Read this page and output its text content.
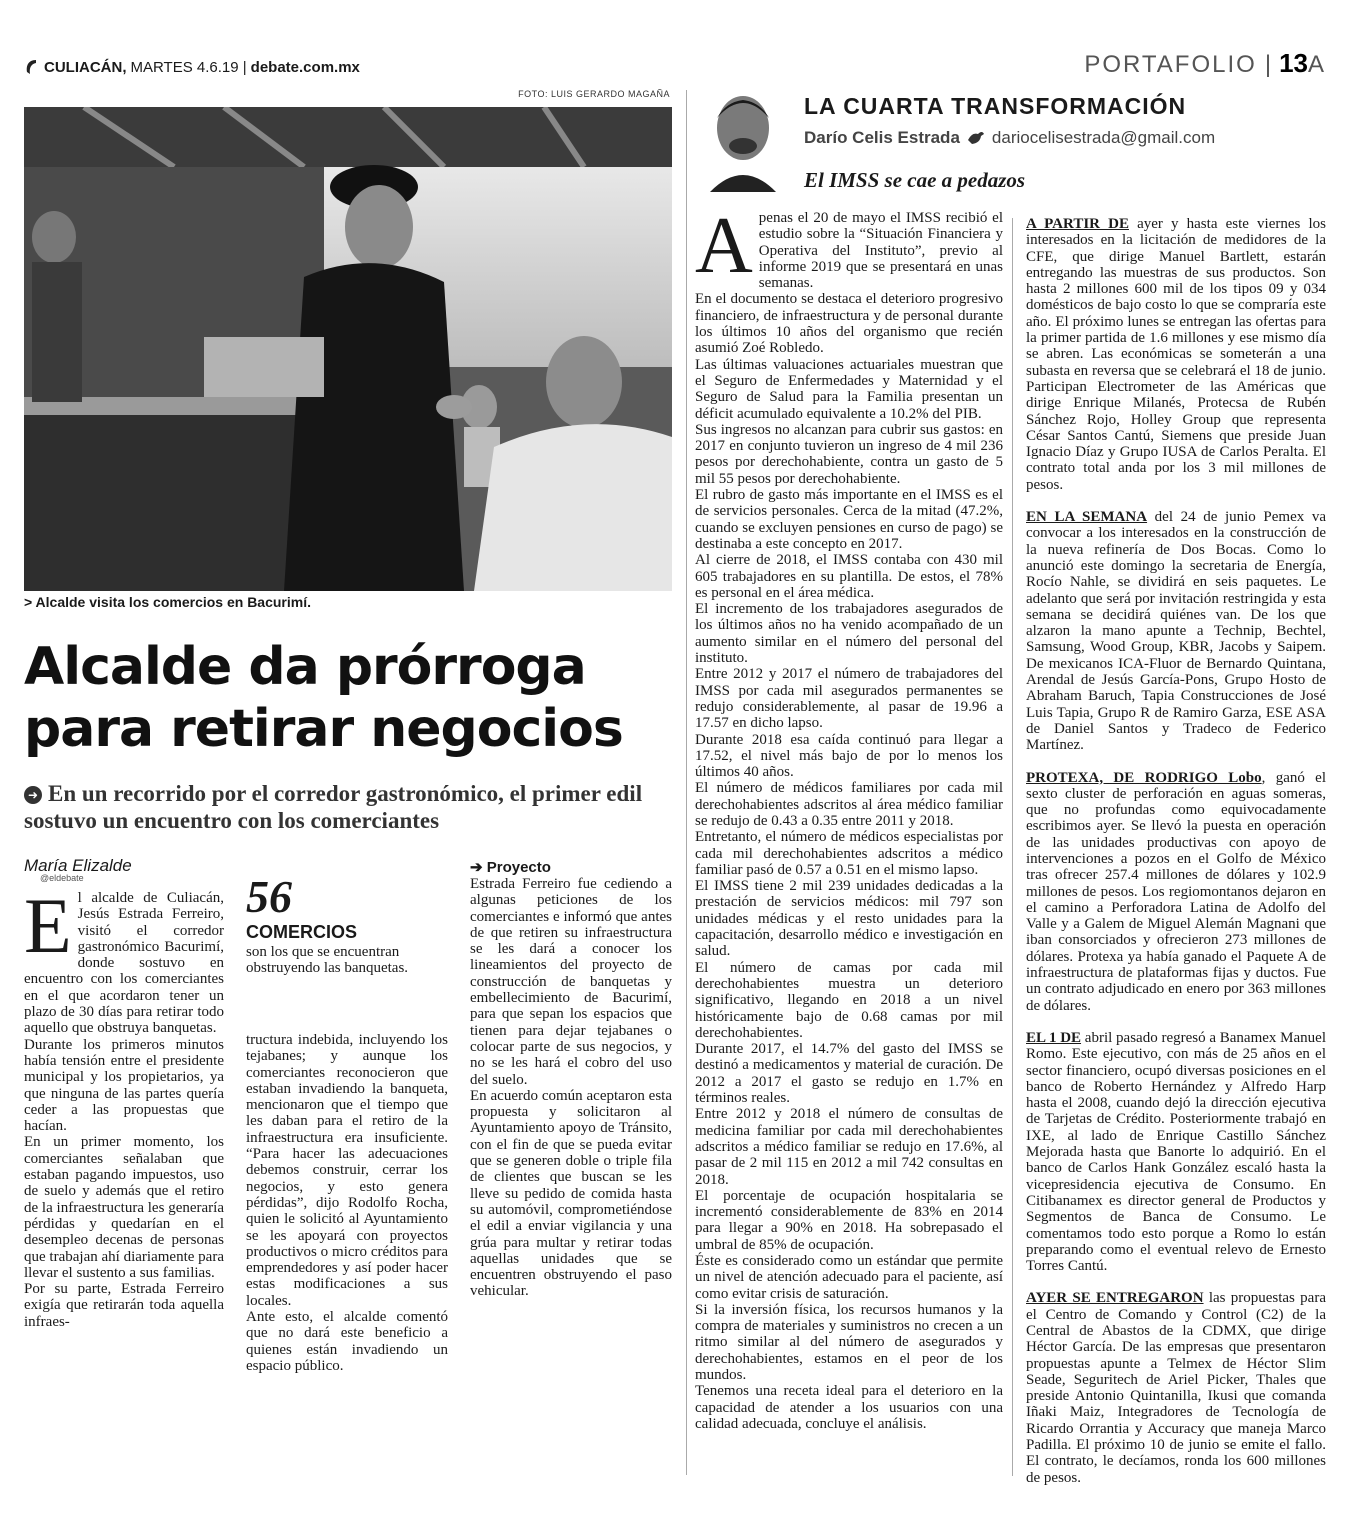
CULIACÁN, MARTES 4.6.19 | debate.com.mx	PORTAFOLIO | 13A
FOTO: LUIS GERARDO MAGAÑA
> Alcalde visita los comercios en Bacurimí.
Alcalde da prórroga
para retirar negocios
➜ En un recorrido por el corredor gastronómico, el primer edil sostuvo un encuentro con los comerciantes
María Elizalde
@eldebate

El alcalde de Culiacán, Jesús Estrada Ferreiro, visitó el corredor gastronómico Bacurimí, donde sostuvo en encuentro con los comerciantes en el que acordaron tener un plazo de 30 días para retirar todo aquello que obstruya banquetas.

Durante los primeros minutos había tensión entre el presidente municipal y los propietarios, ya que ninguna de las partes quería ceder a las propuestas que hacían.

En un primer momento, los comerciantes señalaban que estaban pagando impuestos, uso de suelo y además que el retiro de la infraestructura les generaría pérdidas y quedarían en el desempleo decenas de personas que trabajan ahí diariamente para llevar el sustento a sus familias.

Por su parte, Estrada Ferreiro exigía que retirarán toda aquella infraes-

56
COMERCIOS
son los que se encuentran obstruyendo las banquetas.

tructura indebida, incluyendo los tejabanes; y aunque los comerciantes reconocieron que estaban invadiendo la banqueta, mencionaron que el tiempo que les daban para el retiro de la infraestructura era insuficiente. “Para hacer las adecuaciones debemos construir, cerrar los negocios, y esto genera pérdidas”, dijo Rodolfo Rocha, quien le solicitó al Ayuntamiento se les apoyará con proyectos productivos o micro créditos para emprendedores y así poder hacer estas modificaciones a sus locales.

Ante esto, el alcalde comentó que no dará este beneficio a quienes están invadiendo un espacio público.

➔ Proyecto

Estrada Ferreiro fue cediendo a algunas peticiones de los comerciantes e informó que antes de que retiren su infraestructura se les dará a conocer los lineamientos del proyecto de construcción de banquetas y embellecimiento de Bacurimí, para que sepan los espacios que tienen para dejar tejabanes o colocar parte de sus negocios, y no se les hará el cobro del uso del suelo.

En acuerdo común aceptaron esta propuesta y solicitaron al Ayuntamiento apoyo de Tránsito, con el fin de que se pueda evitar que se generen doble o triple fila de clientes que buscan se les lleve su pedido de comida hasta su automóvil, comprometiéndose el edil a enviar vigilancia y una grúa para multar y retirar todas aquellas unidades que se encuentren obstruyendo el paso vehicular.

LA CUARTA TRANSFORMACIÓN
Darío Celis Estrada dariocelisestrada@gmail.com
El IMSS se cae a pedazos

Apenas el 20 de mayo el IMSS recibió el estudio sobre la “Situación Financiera y Operativa del Instituto”, previo al informe 2019 que se presentará en unas semanas.

En el documento se destaca el deterioro progresivo financiero, de infraestructura y de personal durante los últimos 10 años del organismo que recién asumió Zoé Robledo.

Las últimas valuaciones actuariales muestran que el Seguro de Enfermedades y Maternidad y el Seguro de Salud para la Familia presentan un déficit acumulado equivalente a 10.2% del PIB.

Sus ingresos no alcanzan para cubrir sus gastos: en 2017 en conjunto tuvieron un ingreso de 4 mil 236 pesos por derechohabiente, contra un gasto de 5 mil 55 pesos por derechohabiente.

El rubro de gasto más importante en el IMSS es el de servicios personales. Cerca de la mitad (47.2%, cuando se excluyen pensiones en curso de pago) se destinaba a este concepto en 2017.

Al cierre de 2018, el IMSS contaba con 430 mil 605 trabajadores en su plantilla. De estos, el 78% es personal en el área médica.

El incremento de los trabajadores asegurados de los últimos años no ha venido acompañado de un aumento similar en el número del personal del instituto.

Entre 2012 y 2017 el número de trabajadores del IMSS por cada mil asegurados permanentes se redujo considerablemente, al pasar de 19.96 a 17.57 en dicho lapso.

Durante 2018 esa caída continuó para llegar a 17.52, el nivel más bajo de por lo menos los últimos 40 años.

El número de médicos familiares por cada mil derechohabientes adscritos al área médico familiar se redujo de 0.43 a 0.35 entre 2011 y 2018.

Entretanto, el número de médicos especialistas por cada mil derechohabientes adscritos a médico familiar pasó de 0.57 a 0.51 en el mismo lapso.

El IMSS tiene 2 mil 239 unidades dedicadas a la prestación de servicios médicos: mil 797 son unidades médicas y el resto unidades para la capacitación, desarrollo médico e investigación en salud.

El número de camas por cada mil derechohabientes muestra un deterioro significativo, llegando en 2018 a un nivel históricamente bajo de 0.68 camas por mil derechohabientes.

Durante 2017, el 14.7% del gasto del IMSS se destinó a medicamentos y material de curación. De 2012 a 2017 el gasto se redujo en 1.7% en términos reales.

Entre 2012 y 2018 el número de consultas de medicina familiar por cada mil derechohabientes adscritos a médico familiar se redujo en 17.6%, al pasar de 2 mil 115 en 2012 a mil 742 consultas en 2018.

El porcentaje de ocupación hospitalaria se incrementó considerablemente de 83% en 2014 para llegar a 90% en 2018. Ha sobrepasado el umbral de 85% de ocupación.

Éste es considerado como un estándar que permite un nivel de atención adecuado para el paciente, así como evitar crisis de saturación.

Si la inversión física, los recursos humanos y la compra de materiales y suministros no crecen a un ritmo similar al del número de asegurados y derechohabientes, estamos en el peor de los mundos.

Tenemos una receta ideal para el deterioro en la capacidad de atender a los usuarios con una calidad adecuada, concluye el análisis.

A PARTIR DE ayer y hasta este viernes los interesados en la licitación de medidores de la CFE, que dirige Manuel Bartlett, estarán entregando las muestras de sus productos. Son hasta 2 millones 600 mil de los tipos 09 y 034 domésticos de bajo costo lo que se compraría este año. El próximo lunes se entregan las ofertas para la primer partida de 1.6 millones y ese mismo día se abren. Las económicas se someterán a una subasta en reversa que se celebrará el 18 de junio. Participan Electrometer de las Américas que dirige Enrique Milanés, Protecsa de Rubén Sánchez Rojo, Holley Group que representa César Santos Cantú, Siemens que preside Juan Ignacio Díaz y Grupo IUSA de Carlos Peralta. El contrato total anda por los 3 mil millones de pesos.

EN LA SEMANA del 24 de junio Pemex va convocar a los interesados en la construcción de la nueva refinería de Dos Bocas. Como lo anunció este domingo la secretaria de Energía, Rocío Nahle, se dividirá en seis paquetes. Le adelanto que será por invitación restringida y esta semana se decidirá quiénes van. De los que alzaron la mano apunte a Technip, Bechtel, Samsung, Wood Group, KBR, Jacobs y Saipem. De mexicanos ICA-Fluor de Bernardo Quintana, Arendal de Jesús García-Pons, Grupo Hosto de Abraham Baruch, Tapia Construcciones de José Luis Tapia, Grupo R de Ramiro Garza, ESE ASA de Daniel Santos y Tradeco de Federico Martínez.

PROTEXA, DE RODRIGO Lobo, ganó el sexto cluster de perforación en aguas someras, que no profundas como equivocadamente escribimos ayer. Se llevó la puesta en operación de las unidades productivas con apoyo de intervenciones a pozos en el Golfo de México tras ofrecer 257.4 millones de dólares y 102.9 millones de pesos. Los regiomontanos dejaron en el camino a Perforadora Latina de Adolfo del Valle y a Galem de Miguel Alemán Magnani que iban consorciados y ofrecieron 273 millones de dólares. Protexa ya había ganado el Paquete A de infraestructura de plataformas fijas y ductos. Fue un contrato adjudicado en enero por 363 millones de dólares.

EL 1 DE abril pasado regresó a Banamex Manuel Romo. Este ejecutivo, con más de 25 años en el sector financiero, ocupó diversas posiciones en el banco de Roberto Hernández y Alfredo Harp hasta el 2008, cuando dejó la dirección ejecutiva de Tarjetas de Crédito. Posteriormente trabajó en IXE, al lado de Enrique Castillo Sánchez Mejorada hasta que Banorte lo adquirió. En el banco de Carlos Hank González escaló hasta la vicepresidencia ejecutiva de Consumo. En Citibanamex es director general de Productos y Segmentos de Banca de Consumo. Le comentamos todo esto porque a Romo lo están preparando como el eventual relevo de Ernesto Torres Cantú.

AYER SE ENTREGARON las propuestas para el Centro de Comando y Control (C2) de la Central de Abastos de la CDMX, que dirige Héctor García. De las empresas que presentaron propuestas apunte a Telmex de Héctor Slim Seade, Seguritech de Ariel Picker, Thales que preside Antonio Quintanilla, Ikusi que comanda Iñaki Maiz, Integradores de Tecnología de Ricardo Orrantia y Accuracy que maneja Marco Padilla. El próximo 10 de junio se emite el fallo. El contrato, le decíamos, ronda los 600 millones de pesos.
